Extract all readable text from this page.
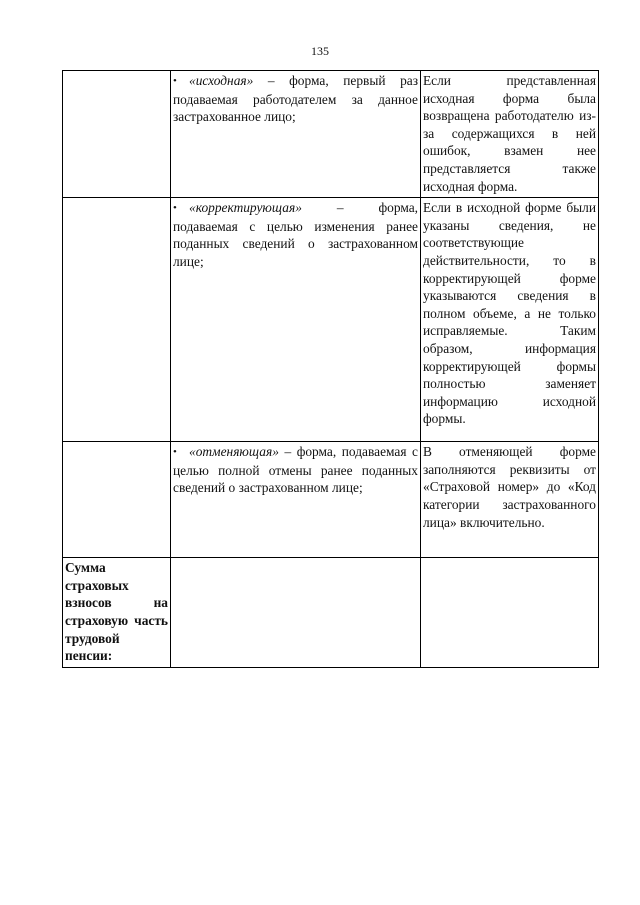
135
	• «исходная» – форма, первый раз подаваемая работодателем за данное застрахованное лицо;	Если представленная исходная форма была возвращена работодателю из-за содержащихся в ней ошибок, взамен нее представляется также исходная форма.
	• «корректирующая» – форма, подаваемая с целью изменения ранее поданных сведений о застрахованном лице;	Если в исходной форме были указаны сведения, не соответствующие действительности, то в корректирующей форме указываются сведения в полном объеме, а не только исправляемые. Таким образом, информация корректирующей формы полностью заменяет информацию исходной формы.
	• «отменяющая» – форма, подаваемая с целью полной отмены ранее поданных сведений о застрахованном лице;	В отменяющей форме заполняются реквизиты от «Страховой номер» до «Код категории застрахованного лица» включительно.
Сумма страховых взносов на страховую часть трудовой пенсии:		
